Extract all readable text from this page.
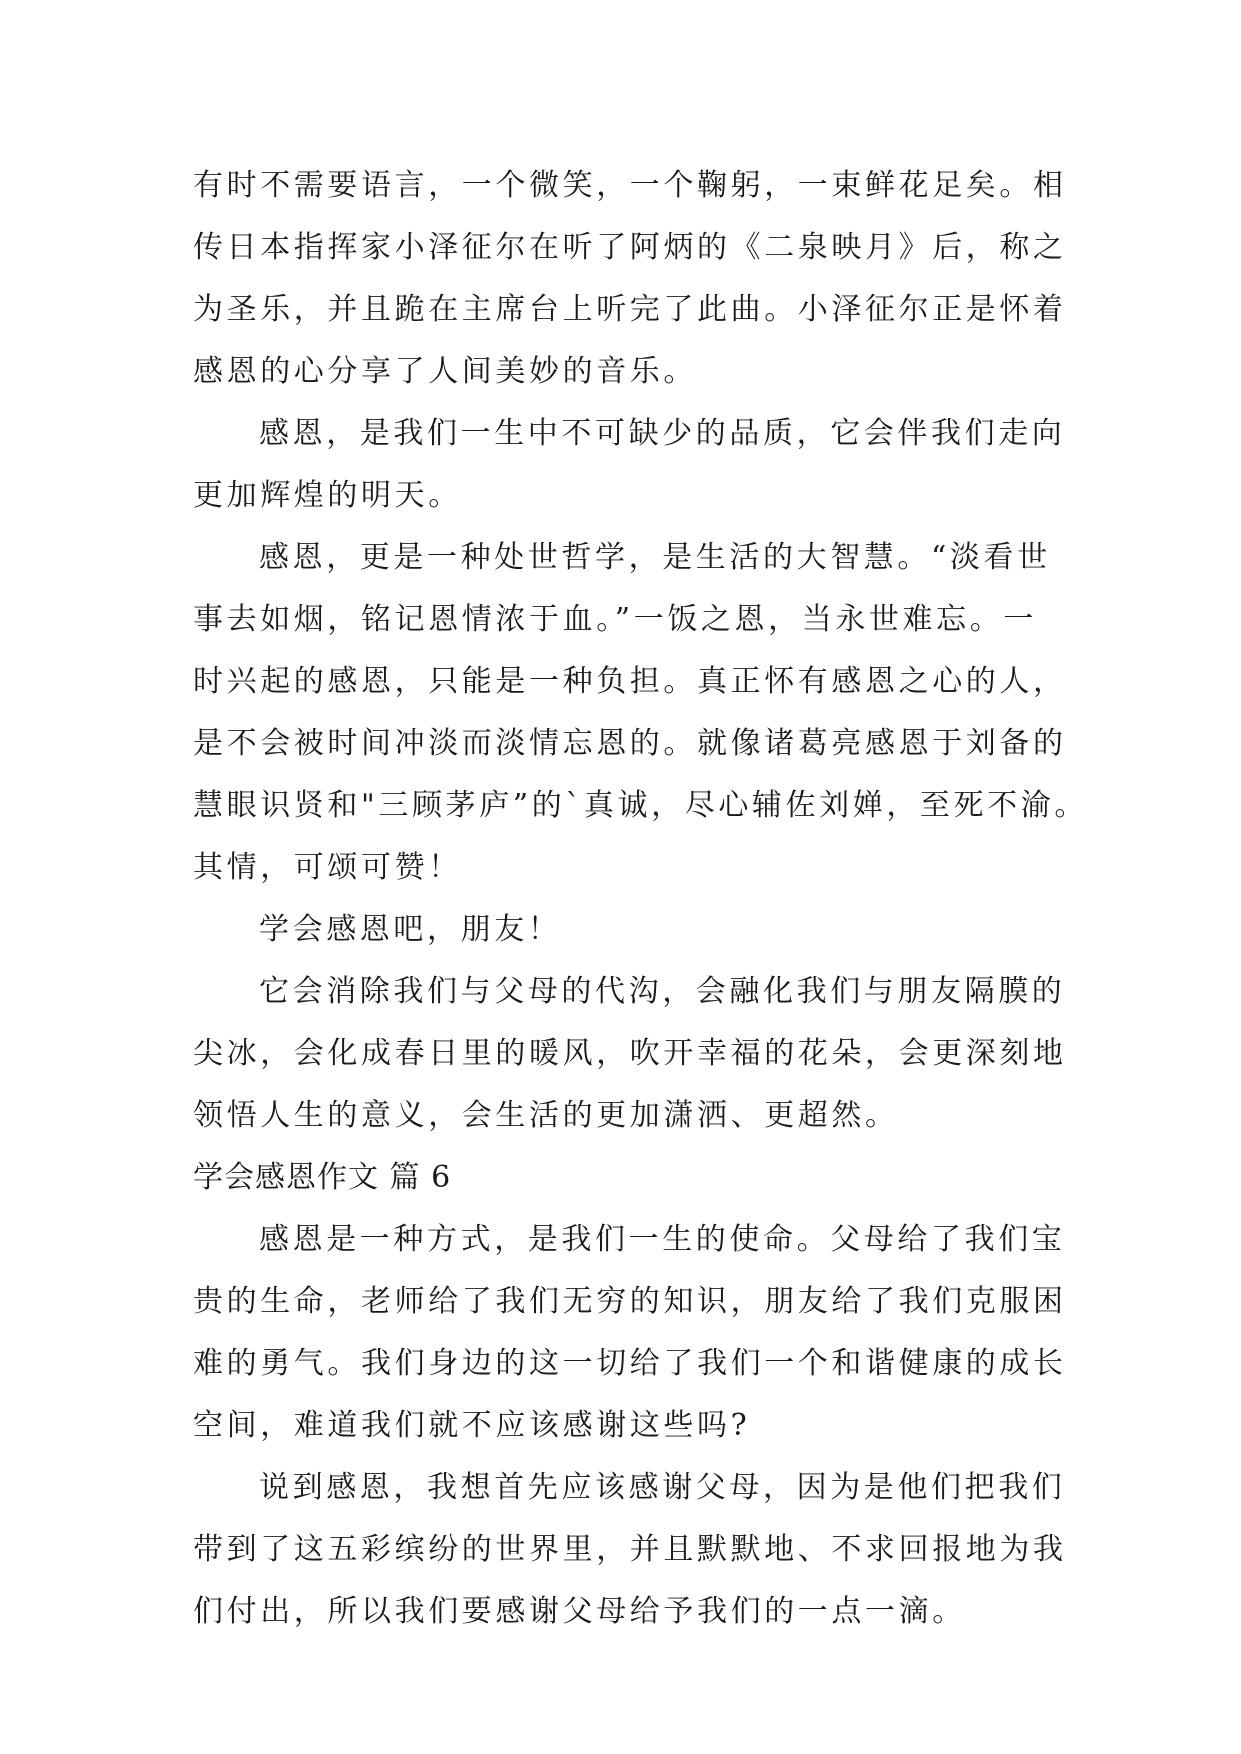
有时不需要语言，一个微笑，一个鞠躬，一束鲜花足矣。相
传日本指挥家小泽征尔在听了阿炳的《二泉映月》后，称之
为圣乐，并且跪在主席台上听完了此曲。小泽征尔正是怀着
感恩的心分享了人间美妙的音乐。
感恩，是我们一生中不可缺少的品质，它会伴我们走向
更加辉煌的明天。
感恩，更是一种处世哲学，是生活的大智慧。“淡看世
事去如烟，铭记恩情浓于血。”一饭之恩，当永世难忘。一
时兴起的感恩，只能是一种负担。真正怀有感恩之心的人，
是不会被时间冲淡而淡情忘恩的。就像诸葛亮感恩于刘备的
慧眼识贤和"三顾茅庐”的`真诚，尽心辅佐刘婵，至死不渝。
其情，可颂可赞！
学会感恩吧，朋友！
它会消除我们与父母的代沟，会融化我们与朋友隔膜的
尖冰，会化成春日里的暖风，吹开幸福的花朵，会更深刻地
领悟人生的意义，会生活的更加潇洒、更超然。
学会感恩作文 篇 6
感恩是一种方式，是我们一生的使命。父母给了我们宝
贵的生命，老师给了我们无穷的知识，朋友给了我们克服困
难的勇气。我们身边的这一切给了我们一个和谐健康的成长
空间，难道我们就不应该感谢这些吗?
说到感恩，我想首先应该感谢父母，因为是他们把我们
带到了这五彩缤纷的世界里，并且默默地、不求回报地为我
们付出，所以我们要感谢父母给予我们的一点一滴。
